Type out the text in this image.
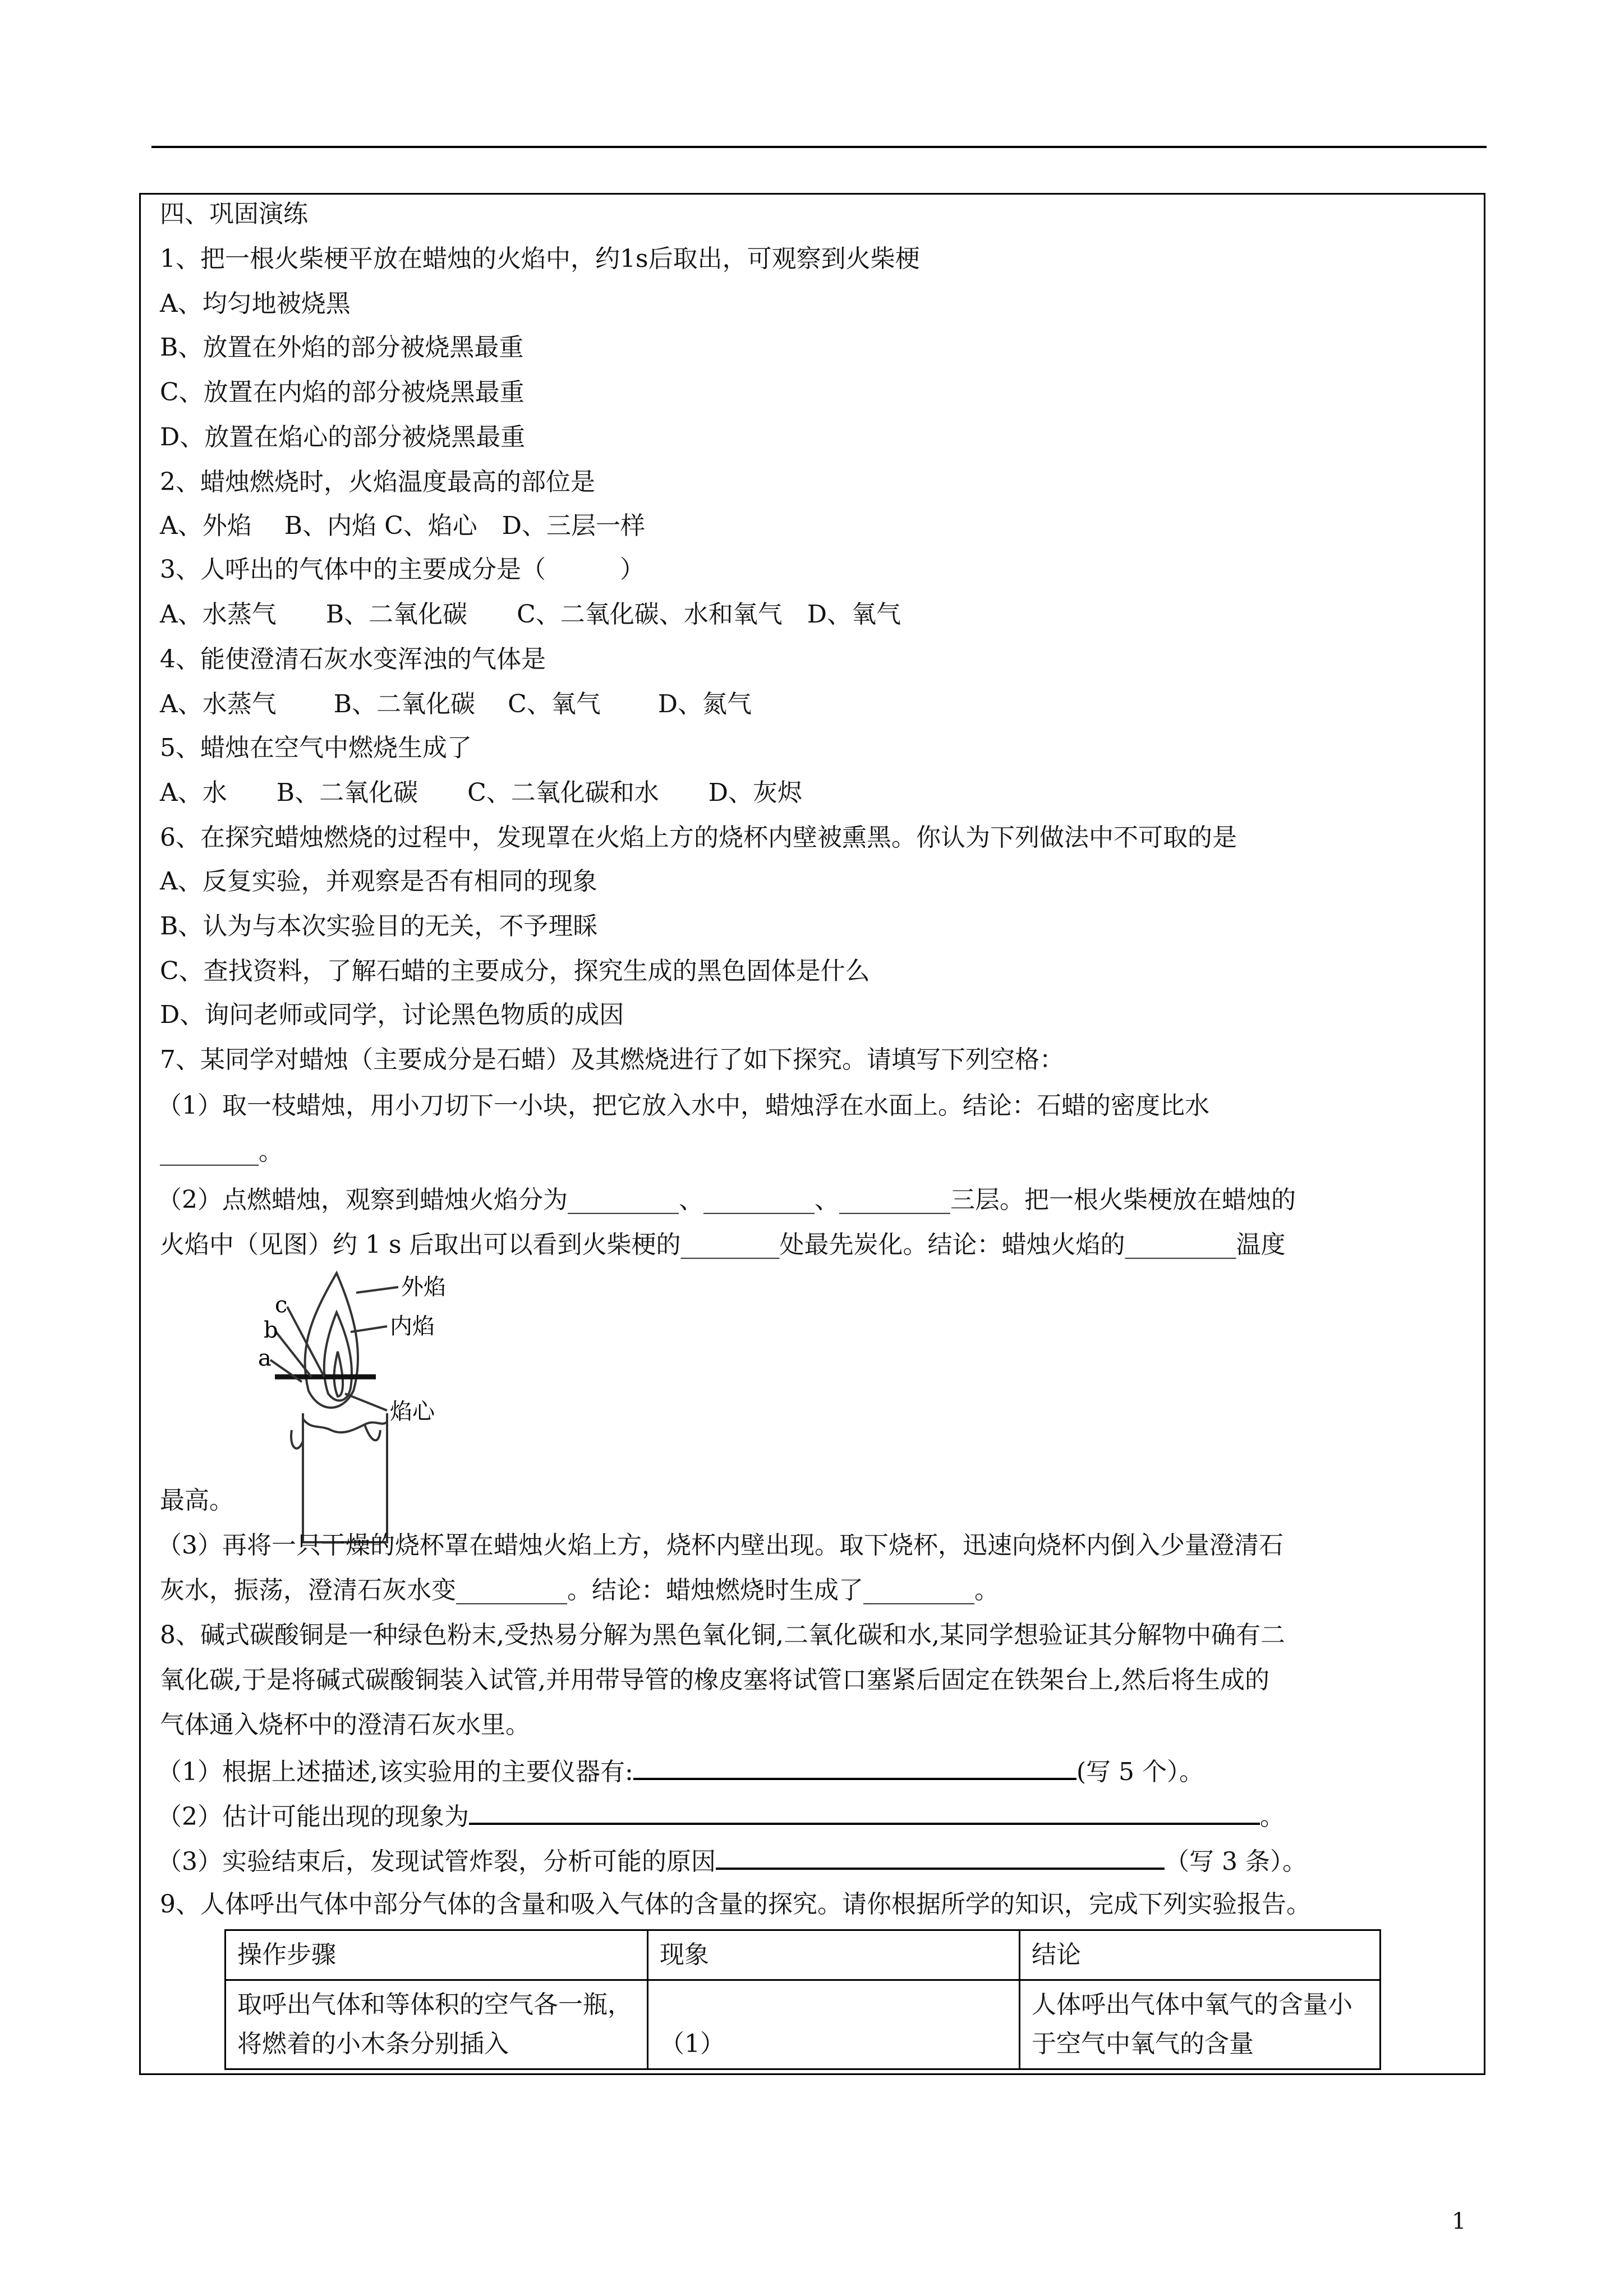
四、巩固演练
1、把一根火柴梗平放在蜡烛的火焰中，约1s后取出，可观察到火柴梗
A、均匀地被烧黑
B、放置在外焰的部分被烧黑最重
C、放置在内焰的部分被烧黑最重
D、放置在焰心的部分被烧黑最重
2、蜡烛燃烧时，火焰温度最高的部位是
A、外焰　 B、内焰 C、焰心　D、三层一样
3、人呼出的气体中的主要成分是（　　　）
A、水蒸气　　B、二氧化碳　　C、二氧化碳、水和氧气　D、氧气
4、能使澄清石灰水变浑浊的气体是
A、水蒸气　　 B、二氧化碳　 C、氧气　　 D、氮气
5、蜡烛在空气中燃烧生成了
A、水　　B、二氧化碳　　C、二氧化碳和水　　D、灰烬
6、在探究蜡烛燃烧的过程中，发现罩在火焰上方的烧杯内壁被熏黑。你认为下列做法中不可取的是
A、反复实验，并观察是否有相同的现象
B、认为与本次实验目的无关，不予理睬
C、查找资料，了解石蜡的主要成分，探究生成的黑色固体是什么
D、询问老师或同学，讨论黑色物质的成因
7、某同学对蜡烛（主要成分是石蜡）及其燃烧进行了如下探究。请填写下列空格：
（1）取一枝蜡烛，用小刀切下一小块，把它放入水中，蜡烛浮在水面上。结论：石蜡的密度比水
________。
（2）点燃蜡烛，观察到蜡烛火焰分为_________、_________、_________三层。把一根火柴梗放在蜡烛的
火焰中（见图）约 1 s 后取出可以看到火柴梗的________处最先炭化。结论：蜡烛火焰的_________温度
a
b
c
外焰
内焰
焰心
最高。
（3）再将一只干燥的烧杯罩在蜡烛火焰上方，烧杯内壁出现。取下烧杯，迅速向烧杯内倒入少量澄清石
灰水，振荡，澄清石灰水变_________。结论：蜡烛燃烧时生成了_________。
8、碱式碳酸铜是一种绿色粉末,受热易分解为黑色氧化铜,二氧化碳和水,某同学想验证其分解物中确有二
氧化碳,于是将碱式碳酸铜装入试管,并用带导管的橡皮塞将试管口塞紧后固定在铁架台上,然后将生成的
气体通入烧杯中的澄清石灰水里。
（1）根据上述描述,该实验用的主要仪器有:	(写 5 个）。
（2）估计可能出现的现象为	。
（3）实验结束后，发现试管炸裂，分析可能的原因	（写 3 条）。
9、人体呼出气体中部分气体的含量和吸入气体的含量的探究。请你根据所学的知识，完成下列实验报告。
操作步骤	现象	结论
取呼出气体和等体积的空气各一瓶，将燃着的小木条分别插入	（1）	人体呼出气体中氧气的含量小于空气中氧气的含量
1
